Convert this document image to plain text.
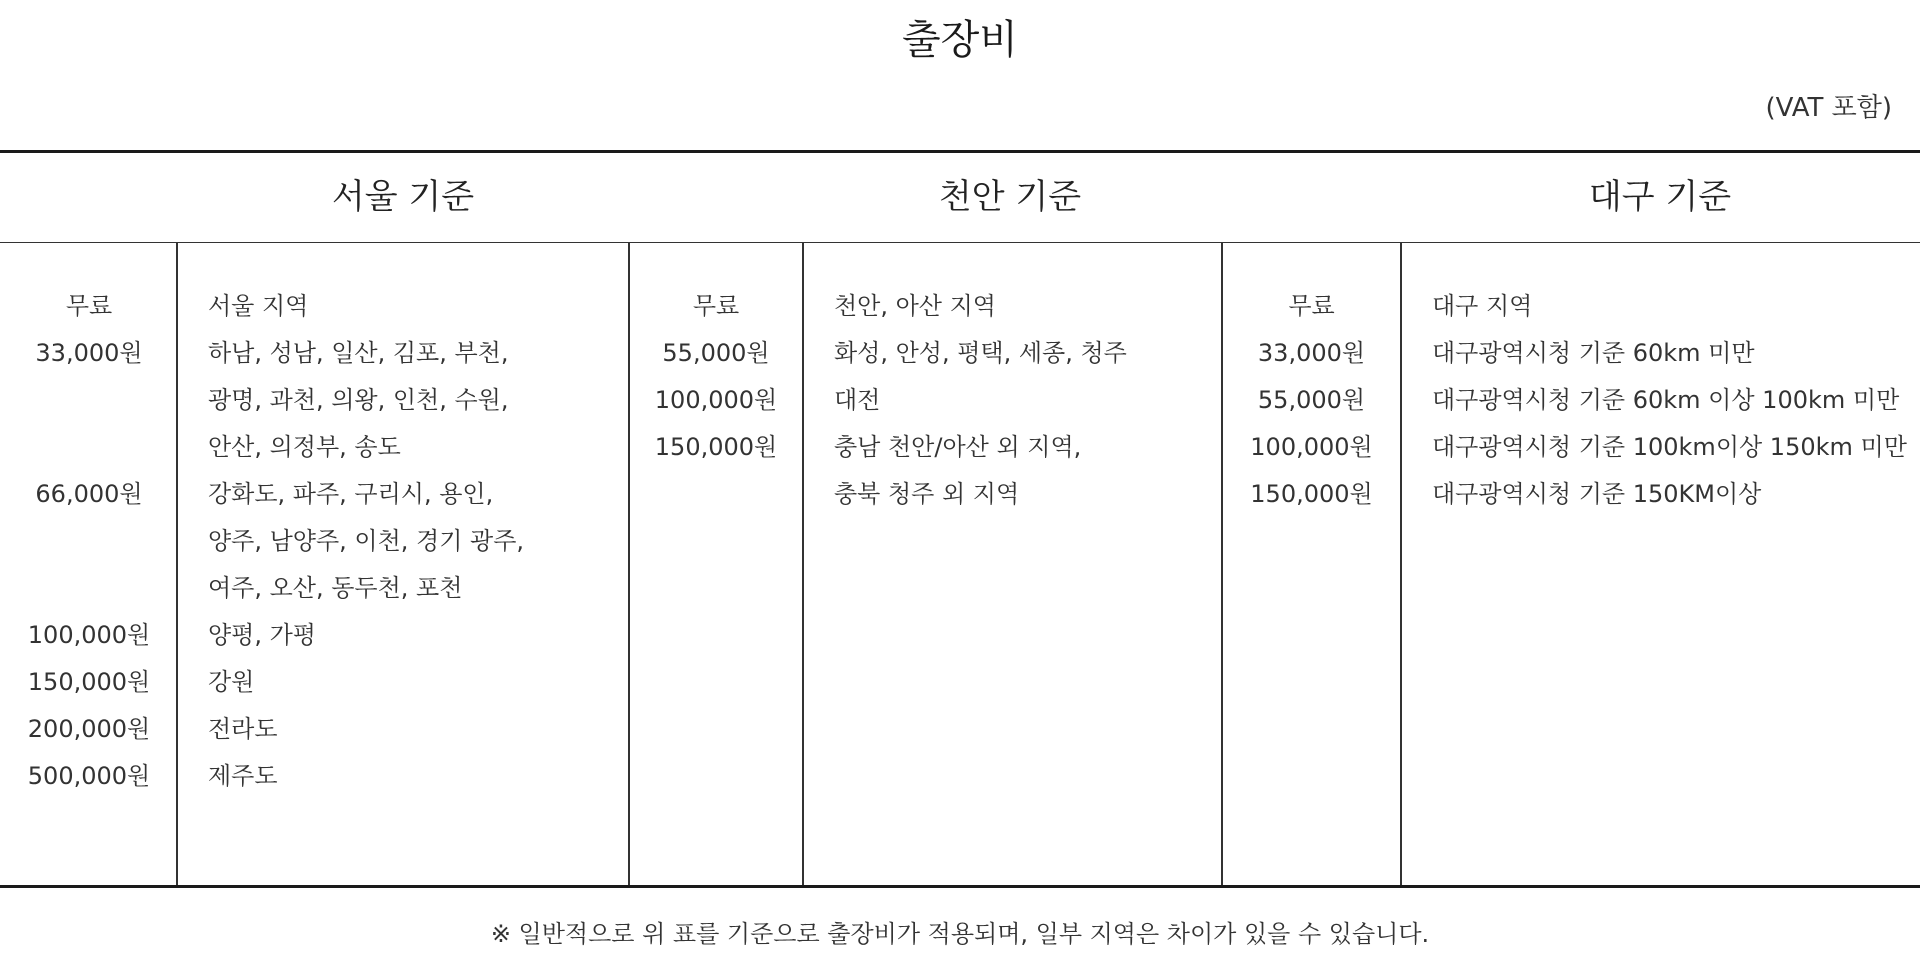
출장비
(VAT 포함)
서울 기준	천안 기준	대구 기준
무료
33,000원
66,000원
100,000원
150,000원
200,000원
500,000원
서울 지역
하남, 성남, 일산, 김포, 부천,
광명, 과천, 의왕, 인천, 수원,
안산, 의정부, 송도
강화도, 파주, 구리시, 용인,
양주, 남양주, 이천, 경기 광주,
여주, 오산, 동두천, 포천
양평, 가평
강원
전라도
제주도
무료
55,000원
100,000원
150,000원
천안, 아산 지역
화성, 안성, 평택, 세종, 청주
대전
충남 천안/아산 외 지역,
충북 청주 외 지역
무료
33,000원
55,000원
100,000원
150,000원
대구 지역
대구광역시청 기준 60km 미만
대구광역시청 기준 60km 이상 100km 미만
대구광역시청 기준 100km이상 150km 미만
대구광역시청 기준 150KM이상
※ 일반적으로 위 표를 기준으로 출장비가 적용되며, 일부 지역은 차이가 있을 수 있습니다.
